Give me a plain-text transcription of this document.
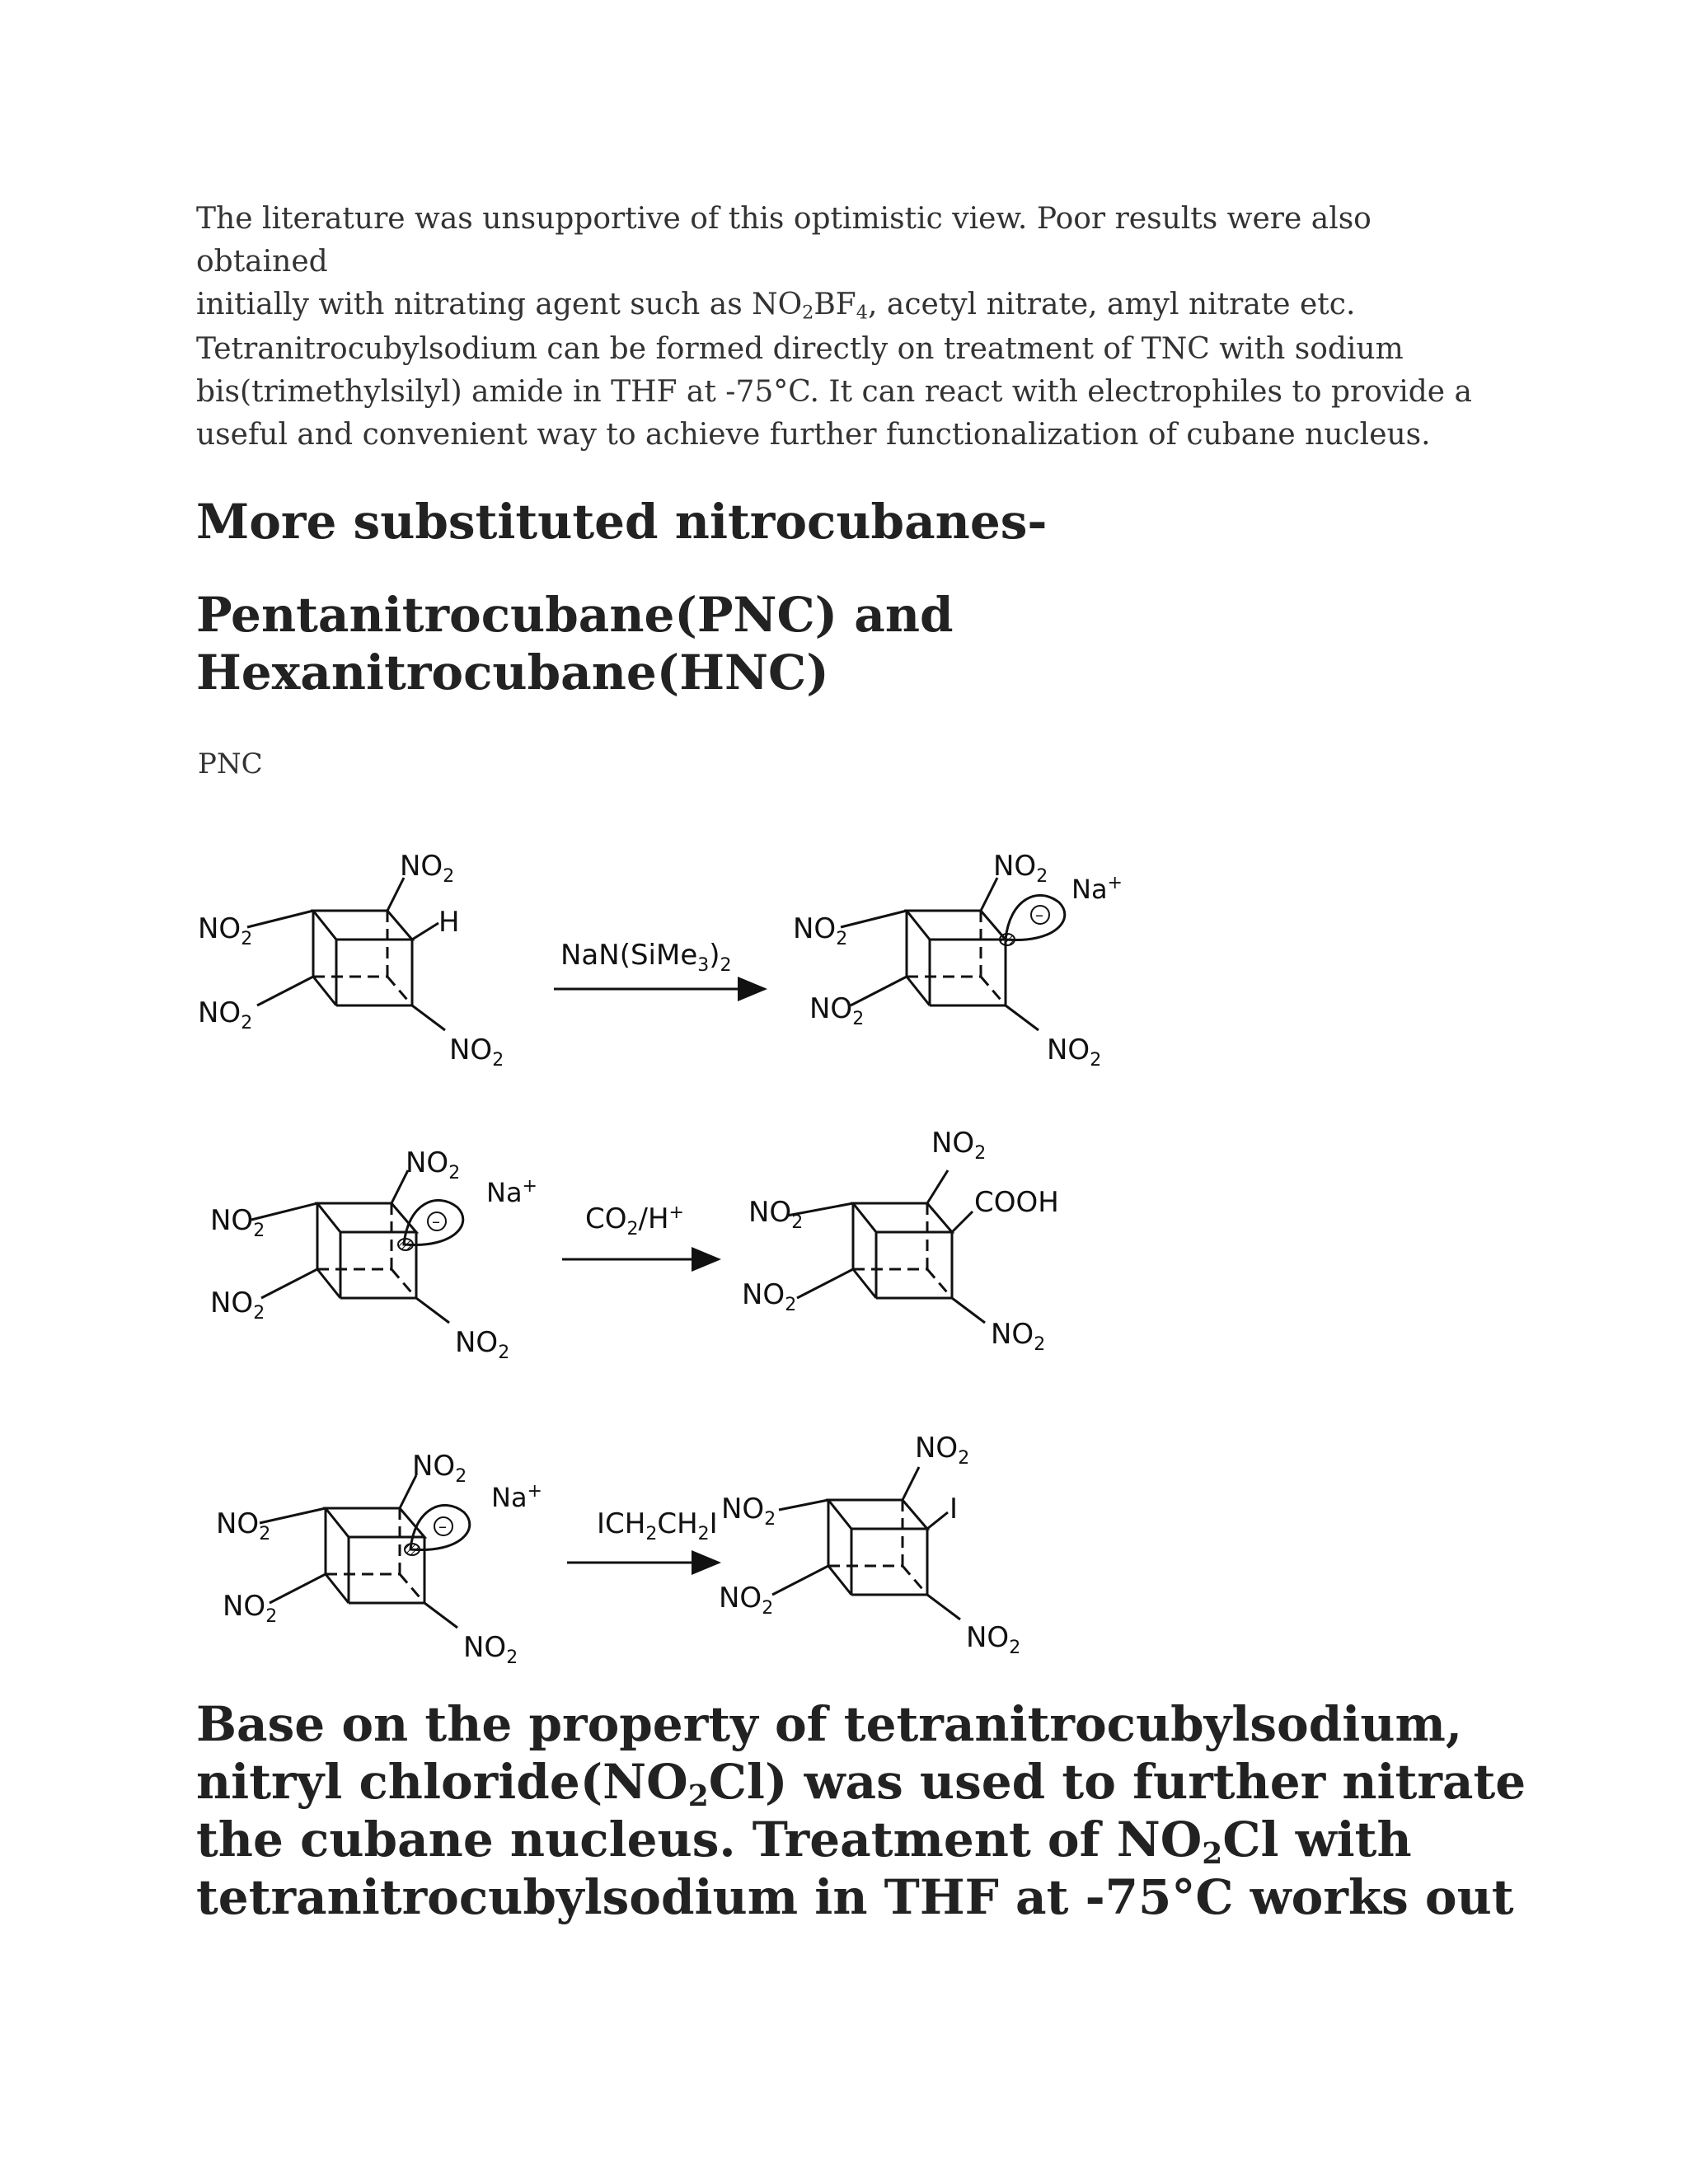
The literature was unsupportive of this optimistic view. Poor results were also obtained
initially with nitrating agent such as $NO_2BF_4$, acetyl nitrate, amyl nitrate etc.

Tetranitrocubylsodium can be formed directly on treatment of TNC with sodium
bis(trimethylsilyl) amide in THF at -75°C. It can react with electrophiles to provide a
useful and convenient way to achieve further functionalization of cubane nucleus.

More substituted nitrocubanes-
Pentanitrocubane(PNC) and
Hexanitrocubane(HNC)
PNC
$NO_2$
$NO_2$
$NO_2$
H
$NO_2$
$NaN(SiMe_3)_2$
–
Na+
$NO_2$
$NO_2$
$NO_2$
$NO_2$
–
Na+
$NO_2$
$NO_2$
$NO_2$
$NO_2$
$CO_2/H^+$ $NO_2$
$NO_2$
$NO_2$
COOH
$NO_2$
–
Na+
$NO_2$
$NO_2$
$NO_2$
$NO_2$
$ICH_2CH_2I$ $NO_2$
$NO_2$
$NO_2$
I
$NO_2$
Base on the property of tetranitrocubylsodium,
nitryl $chloride(NO_2Cl)$ was used to further nitrate
the cubane nucleus. Treatment of $NO_2Cl$ with
tetranitrocubylsodium in THF at -75°C works out
